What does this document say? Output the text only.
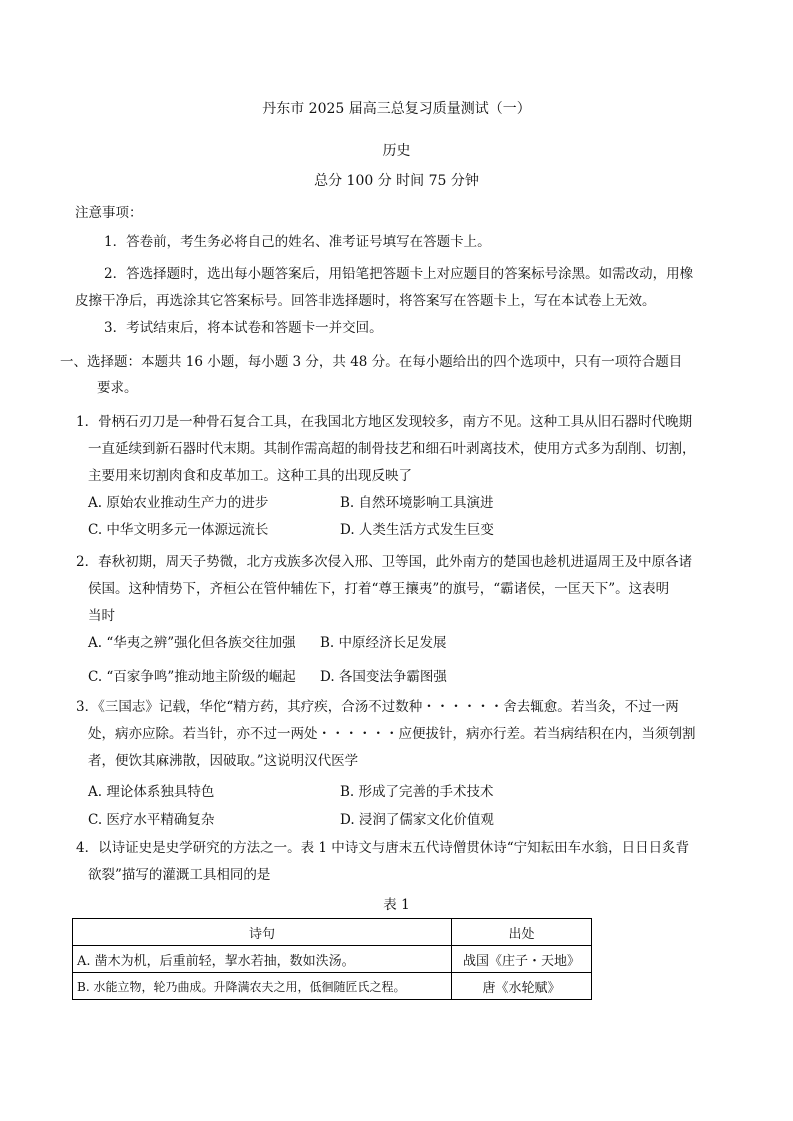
丹东市 2025 届高三总复习质量测试（一）
历史
总分 100 分 时间 75 分钟
注意事项：
1．答卷前，考生务必将自己的姓名、准考证号填写在答题卡上。
2．答选择题时，选出每小题答案后，用铅笔把答题卡上对应题目的答案标号涂黑。如需改动，用橡
皮擦干净后，再选涂其它答案标号。回答非选择题时，将答案写在答题卡上，写在本试卷上无效。
3．考试结束后，将本试卷和答题卡一并交回。
一、选择题：本题共 16 小题，每小题 3 分，共 48 分。在每小题给出的四个选项中，只有一项符合题目
要求。
1．骨柄石刃刀是一种骨石复合工具，在我国北方地区发现较多，南方不见。这种工具从旧石器时代晚期
一直延续到新石器时代末期。其制作需高超的制骨技艺和细石叶剥离技术，使用方式多为刮削、切割，
主要用来切割肉食和皮革加工。这种工具的出现反映了
A. 原始农业推动生产力的进步	B. 自然环境影响工具演进
C. 中华文明多元一体源远流长	D. 人类生活方式发生巨变
2．春秋初期，周天子势微，北方戎族多次侵入邢、卫等国，此外南方的楚国也趁机进逼周王及中原各诸
侯国。这种情势下，齐桓公在管仲辅佐下，打着“尊王攘夷”的旗号，“霸诸侯，一匡天下”。这表明
当时
A. “华夷之辨”强化但各族交往加强 B. 中原经济长足发展
C. “百家争鸣”推动地主阶级的崛起 D. 各国变法争霸图强
3．《三国志》记载，华佗“精方药，其疗疾，合汤不过数种・・・・・・舍去辄愈。若当灸，不过一两
处，病亦应除。若当针，亦不过一两处・・・・・・应便拔针，病亦行差。若当病结积在内，当须刳割
者，便饮其麻沸散，因破取。”这说明汉代医学
A. 理论体系独具特色	B. 形成了完善的手术技术
C. 医疗水平精确复杂	D. 浸润了儒家文化价值观
4．以诗证史是史学研究的方法之一。表 1 中诗文与唐末五代诗僧贯休诗“宁知耘田车水翁，日日日炙背
欲裂”描写的灌溉工具相同的是
表 1
诗句	出处
A. 凿木为机，后重前轻，挈水若抽，数如泆汤。	战国《庄子・天地》
B. 水能立物，轮乃曲成。升降满农夫之用，低徊随匠氏之程。	唐《水轮赋》
